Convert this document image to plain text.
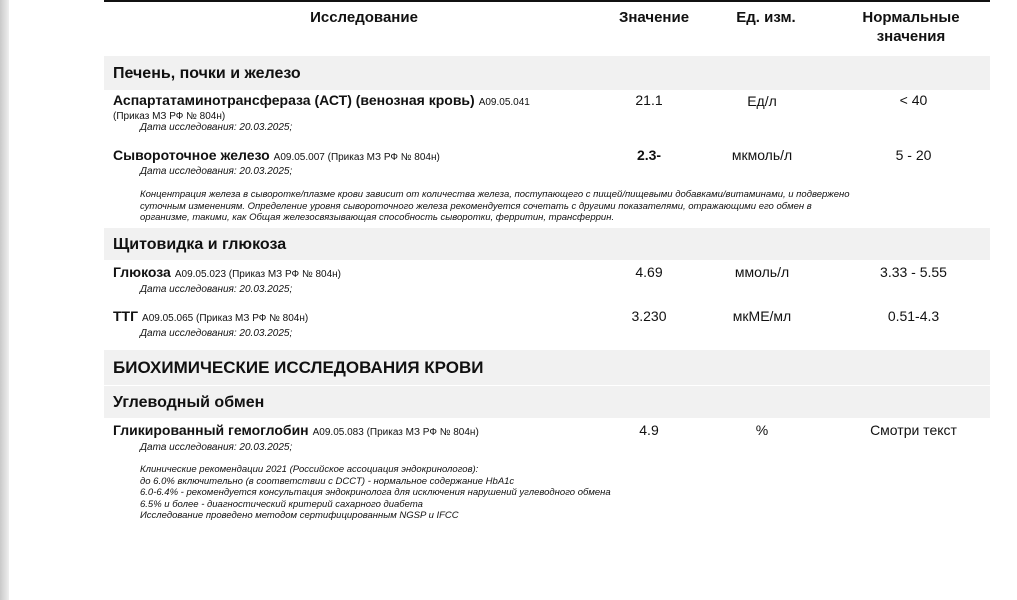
Исследование	Значение	Ед. изм.	Нормальные
значения
Печень, почки и железо
Аспартатаминотрансфераза (АСТ) (венозная кровь) A09.05.041
(Приказ МЗ РФ № 804н)
Дата исследования: 20.03.2025;
21.1	Ед/л	< 40
Сывороточное железо A09.05.007 (Приказ МЗ РФ № 804н)
Дата исследования: 20.03.2025;
2.3-	мкмоль/л	5 - 20
Концентрация железа в сыворотке/плазме крови зависит от количества железа, поступающего с пищей/пищевыми добавками/витаминами, и подвержено
суточным изменениям. Определение уровня сывороточного железа рекомендуется сочетать с другими показателями, отражающими его обмен в
организме, такими, как Общая железосвязывающая способность сыворотки, ферритин, трансферрин.
Щитовидка и глюкоза
Глюкоза A09.05.023 (Приказ МЗ РФ № 804н)
Дата исследования: 20.03.2025;
4.69	ммоль/л	3.33 - 5.55
ТТГ A09.05.065 (Приказ МЗ РФ № 804н)
Дата исследования: 20.03.2025;
3.230	мкМЕ/мл	0.51-4.3
БИОХИМИЧЕСКИЕ ИССЛЕДОВАНИЯ КРОВИ
Углеводный обмен
Гликированный гемоглобин A09.05.083 (Приказ МЗ РФ № 804н)
Дата исследования: 20.03.2025;
4.9	%	Смотри текст
Клинические рекомендации 2021 (Российское ассоциация эндокринологов):
до 6.0% включительно (в соответствии с DCCT) - нормальное содержание HbA1c
6.0-6.4% - рекомендуется консультация эндокринолога для исключения нарушений углеводного обмена
6.5% и более - диагностический критерий сахарного диабета
Исследование проведено методом сертифицированным NGSP и IFCC
